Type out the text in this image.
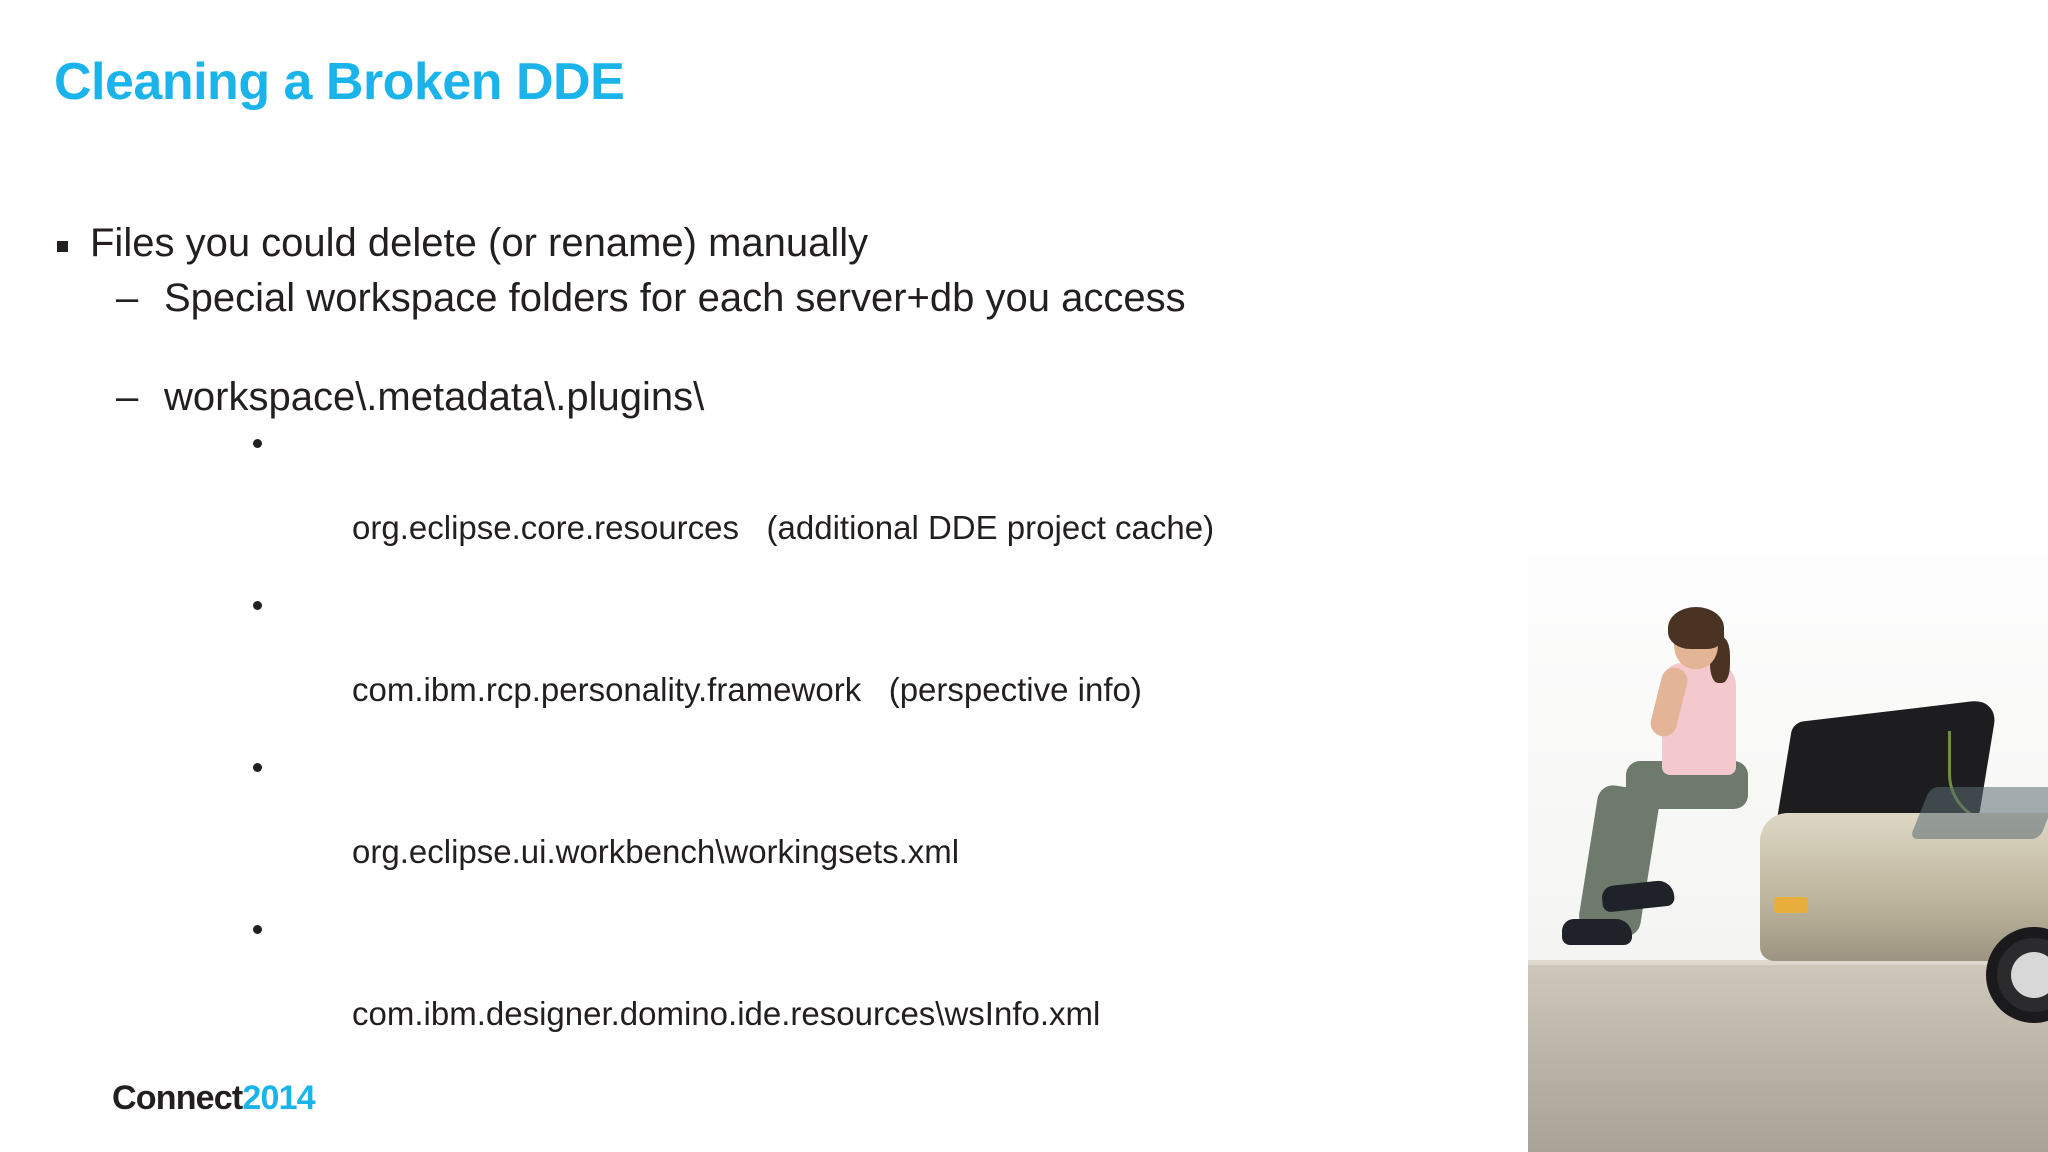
Cleaning a Broken DDE
Files you could delete (or rename) manually
– Special workspace folders for each server+db you access
– workspace\.metadata\.plugins\

org.eclipse.core.resources   (additional DDE project cache)

com.ibm.rcp.personality.framework   (perspective info)

org.eclipse.ui.workbench\workingsets.xml

com.ibm.designer.domino.ide.resources\wsInfo.xml

Connect2014
